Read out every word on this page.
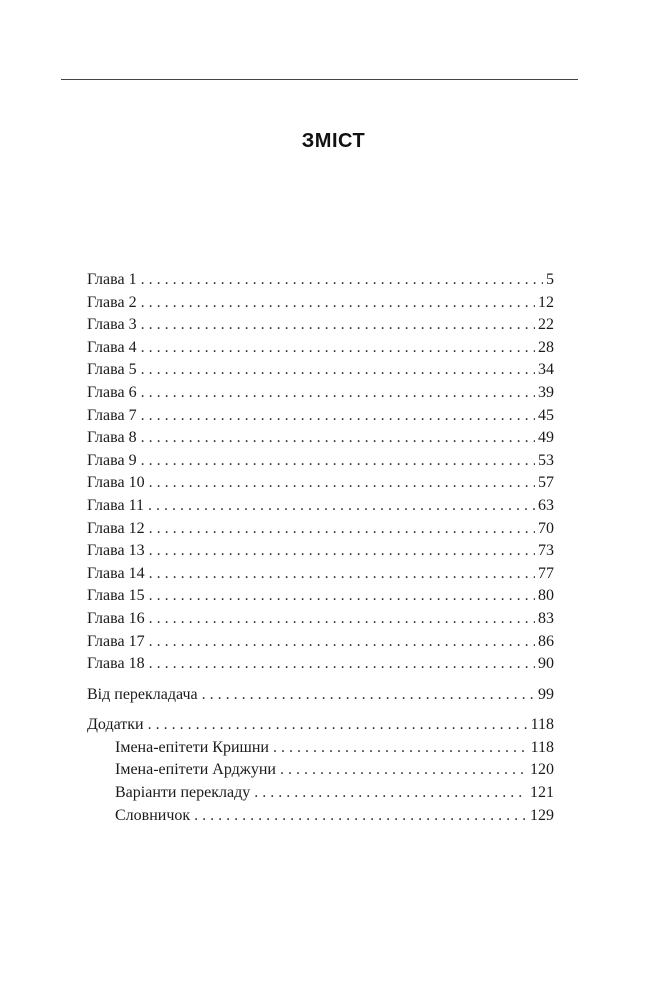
ЗМІСТ
Глава 1 . . .	5
Глава 2 . . .	12
Глава 3 . . .	22
Глава 4 . . .	28
Глава 5 . . .	34
Глава 6 . . .	39
Глава 7 . . .	45
Глава 8 . . .	49
Глава 9 . . .	53
Глава 10 . . .	57
Глава 11 . . .	63
Глава 12 . . .	70
Глава 13 . . .	73
Глава 14 . . .	77
Глава 15 . . .	80
Глава 16 . . .	83
Глава 17 . . .	86
Глава 18 . . .	90
Від перекладача . . .	99
Додатки . . .	118
Імена-епітети Кришни . . .	118
Імена-епітети Арджуни . . .	120
Варіанти перекладу . . .	121
Словничок . . .	129
